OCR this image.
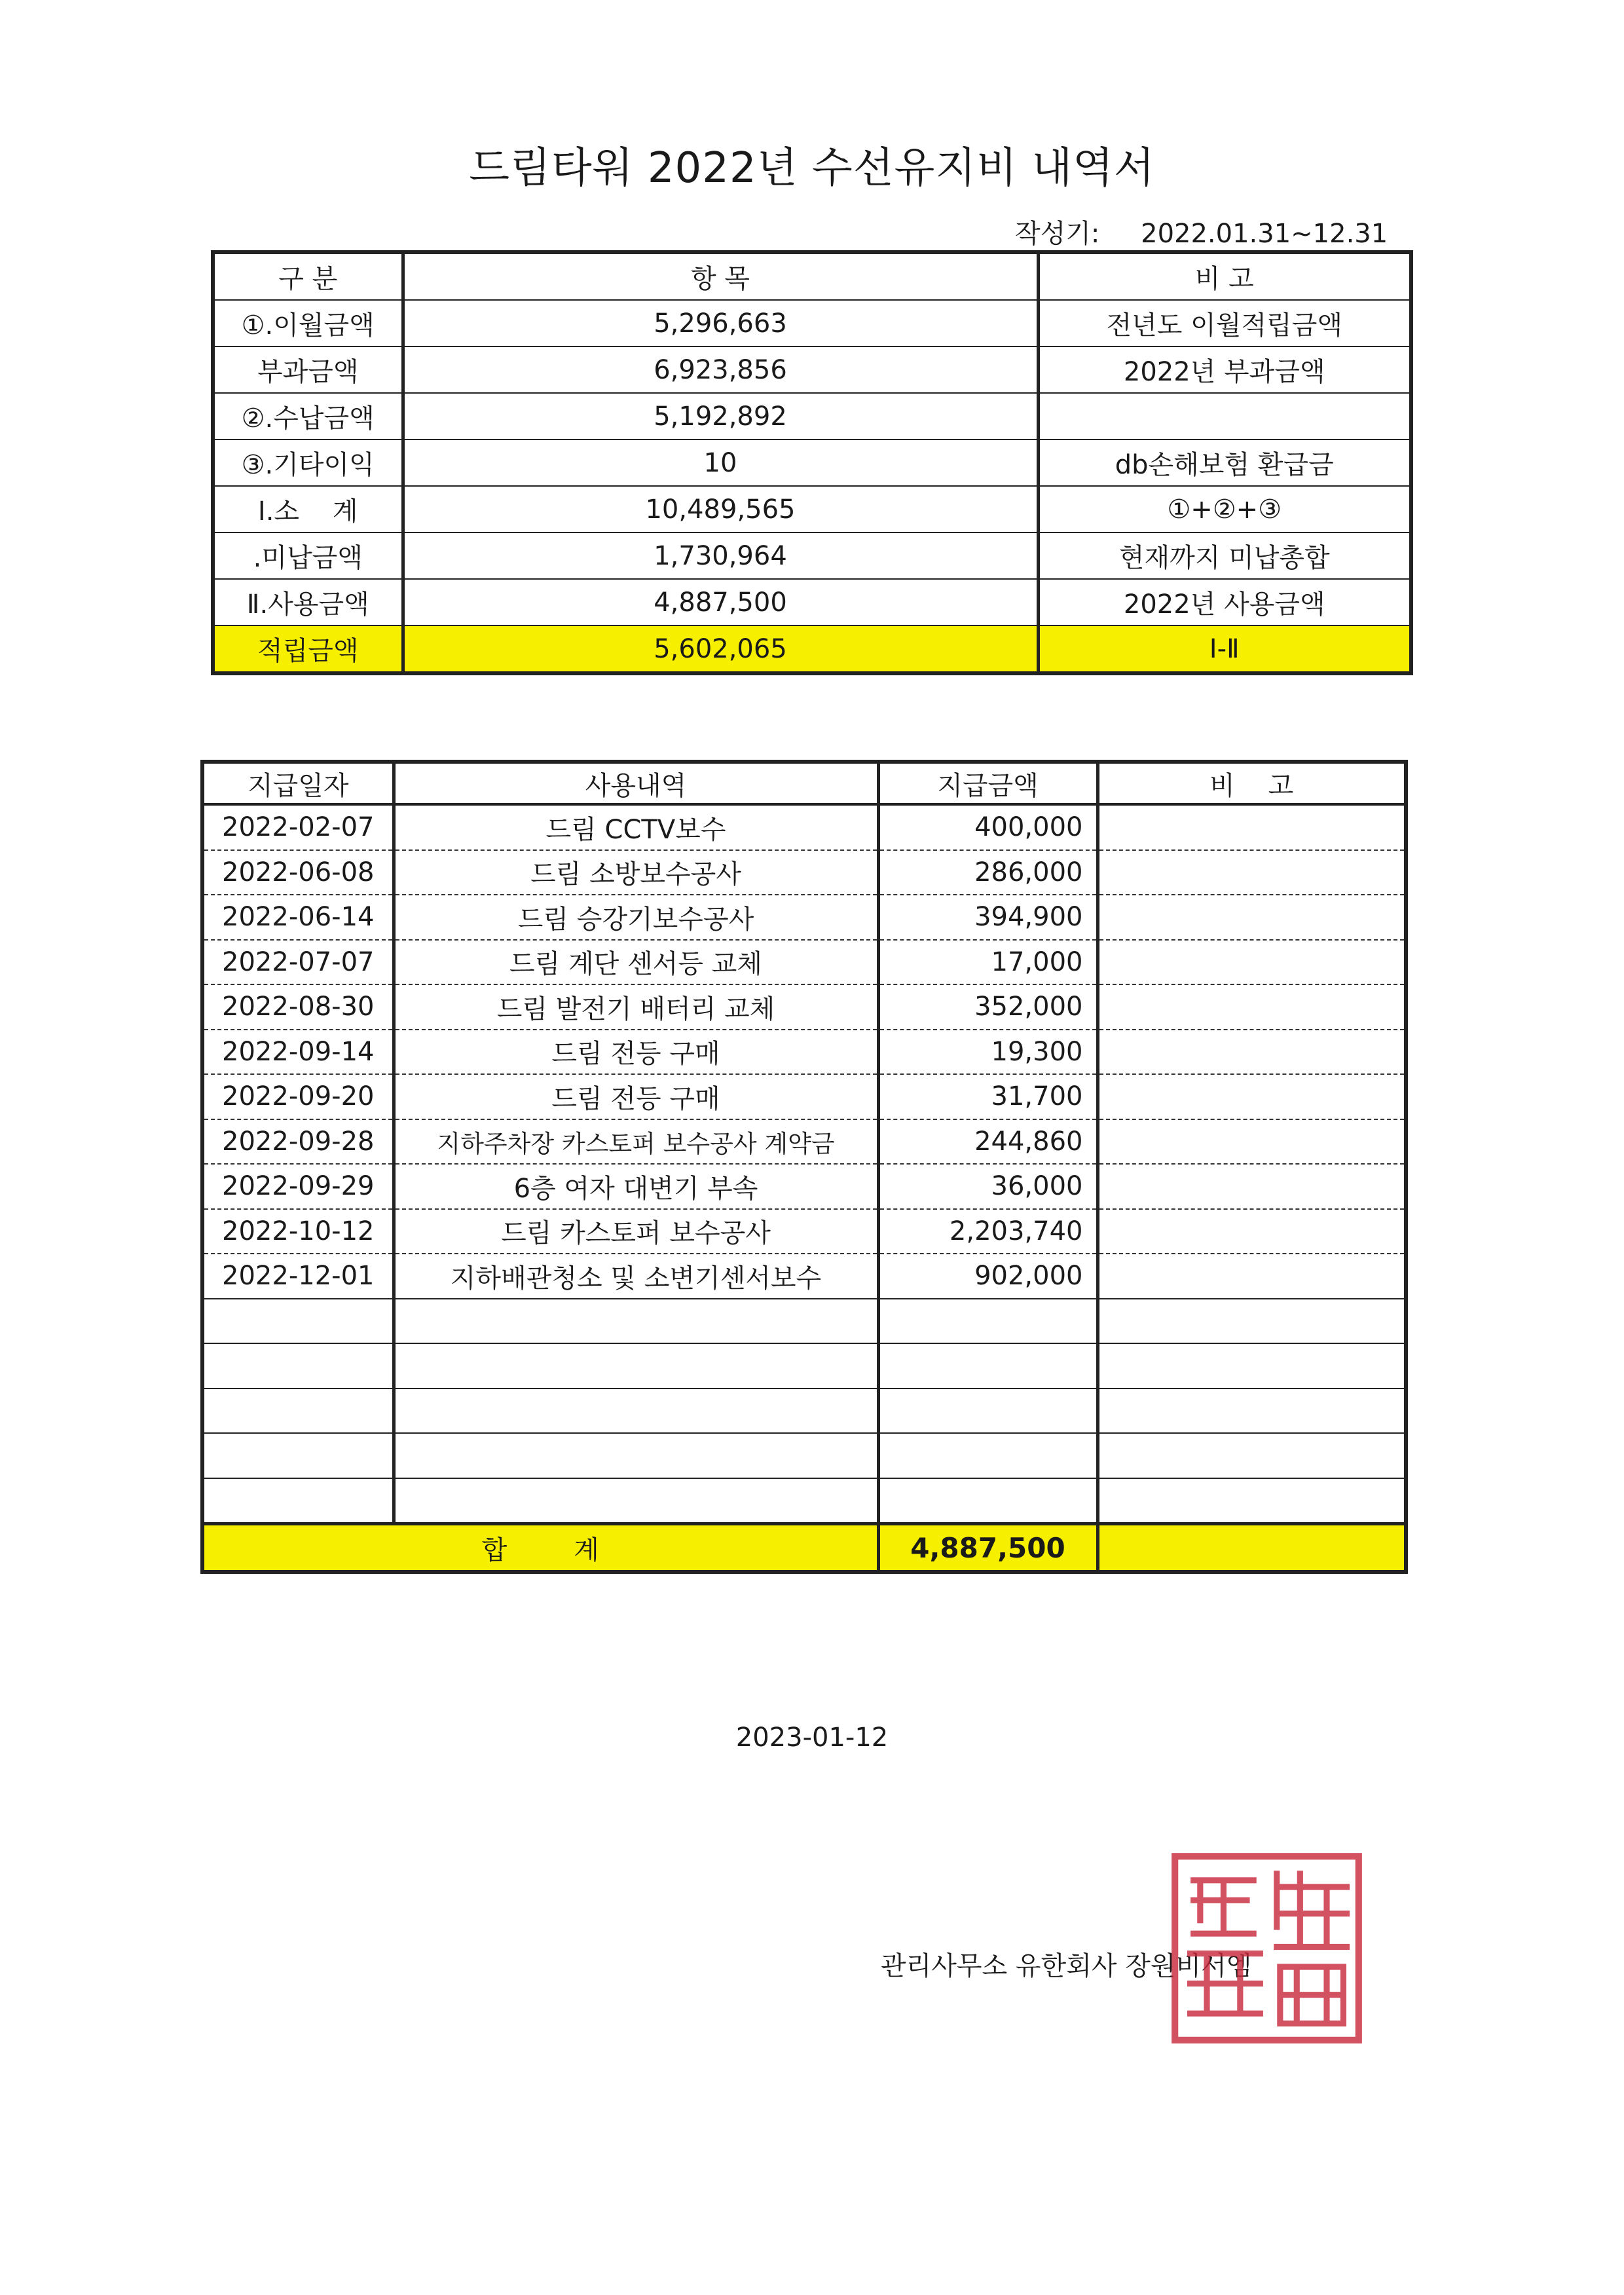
드림타워 2022년 수선유지비 내역서
작성기: 2022.01.31~12.31
구 분	항 목	비 고
①.이월금액	5,296,663	전년도 이월적립금액
부과금액	6,923,856	2022년 부과금액
②.수납금액	5,192,892	
③.기타이익	10	db손해보험 환급금
Ⅰ.소    계	10,489,565	①+②+③
.미납금액	1,730,964	현재까지 미납총합
Ⅱ.사용금액	4,887,500	2022년 사용금액
적립금액	5,602,065	Ⅰ-Ⅱ
지급일자	사용내역	지급금액	비    고
2022-02-07	드림 CCTV보수	400,000	
2022-06-08	드림 소방보수공사	286,000	
2022-06-14	드림 승강기보수공사	394,900	
2022-07-07	드림 계단 센서등 교체	17,000	
2022-08-30	드림 발전기 배터리 교체	352,000	
2022-09-14	드림 전등 구매	19,300	
2022-09-20	드림 전등 구매	31,700	
2022-09-28	지하주차장 카스토퍼 보수공사 계약금	244,860	
2022-09-29	6층 여자 대변기 부속	36,000	
2022-10-12	드림 카스토퍼 보수공사	2,203,740	
2022-12-01	지하배관청소 및 소변기센서보수	902,000	

합        계		4,887,500	
2023-01-12
관리사무소 유한회사 장원비서엠
